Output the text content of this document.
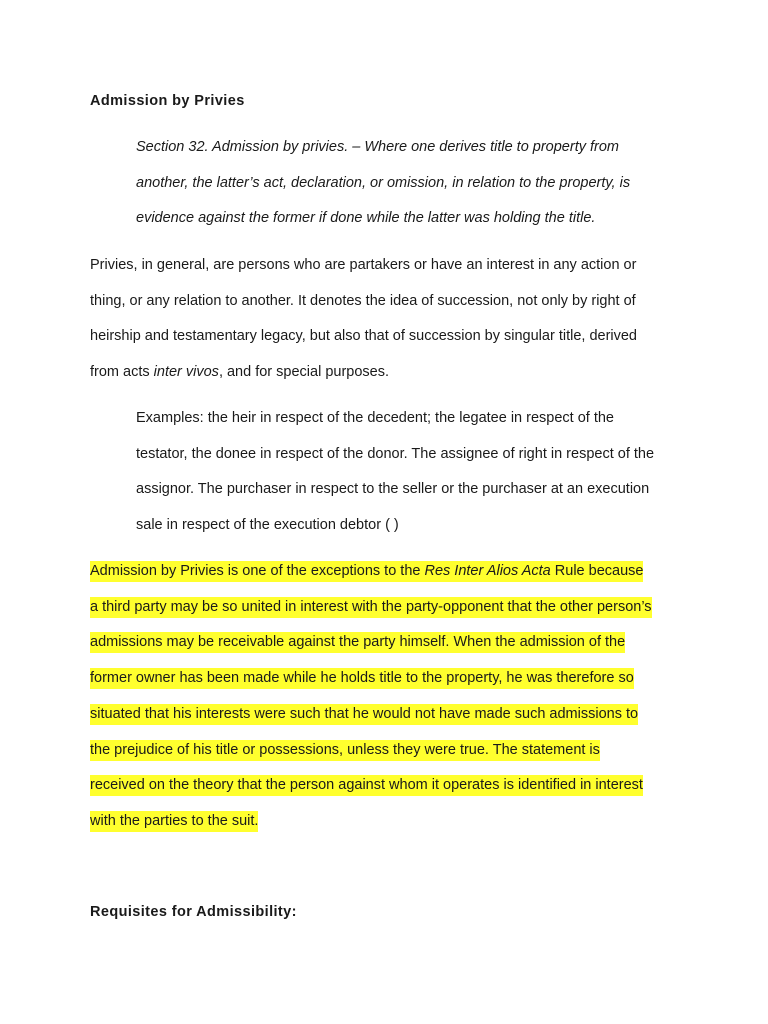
Admission by Privies
Section 32. Admission by privies. – Where one derives title to property from
another, the latter’s act, declaration, or omission, in relation to the property, is
evidence against the former if done while the latter was holding the title.
Privies, in general, are persons who are partakers or have an interest in any action or
thing, or any relation to another. It denotes the idea of succession, not only by right of
heirship and testamentary legacy, but also that of succession by singular title, derived
from acts inter vivos, and for special purposes.
Examples: the heir in respect of the decedent; the legatee in respect of the
testator, the donee in respect of the donor. The assignee of right in respect of the
assignor. The purchaser in respect to the seller or the purchaser at an execution
sale in respect of the execution debtor ( )
Admission by Privies is one of the exceptions to the Res Inter Alios Acta Rule because
a third party may be so united in interest with the party-opponent that the other person’s
admissions may be receivable against the party himself. When the admission of the
former owner has been made while he holds title to the property, he was therefore so
situated that his interests were such that he would not have made such admissions to
the prejudice of his title or possessions, unless they were true. The statement is
received on the theory that the person against whom it operates is identified in interest
with the parties to the suit.
Requisites for Admissibility:
